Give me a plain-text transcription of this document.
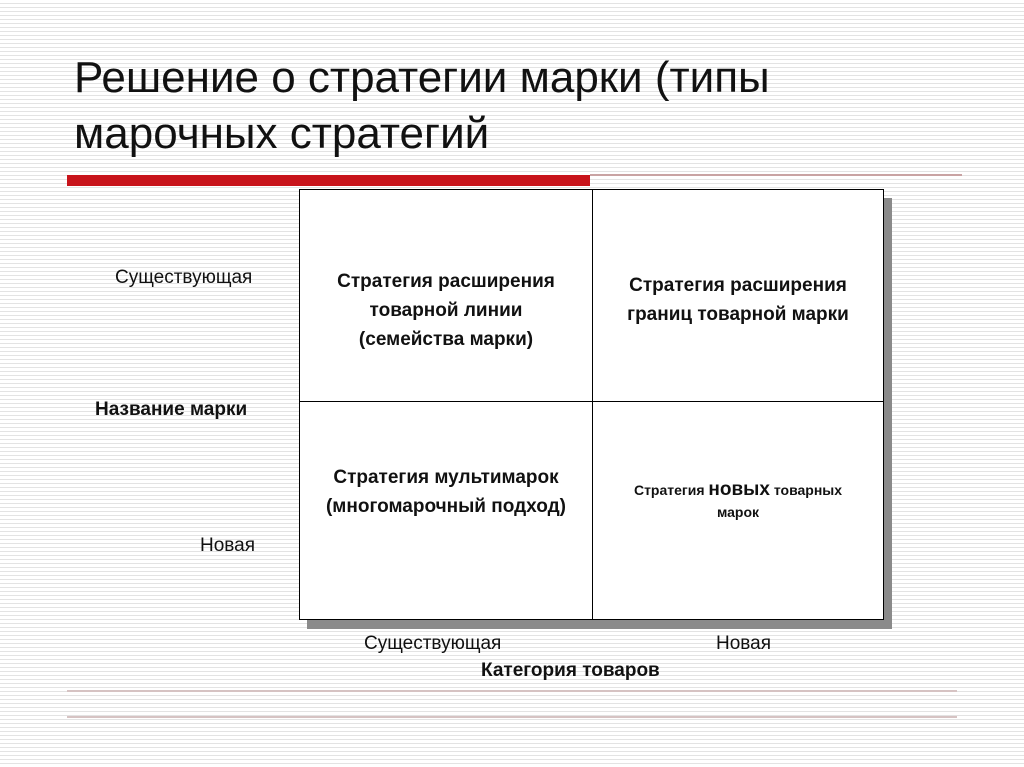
Решение о стратегии марки (типы
марочных стратегий
Стратегия расширения
товарной линии
(семейства марки)
Стратегия расширения
границ товарной марки
Стратегия мультимарок
(многомарочный подход)
Стратегия новых товарных
марок
Существующая
Название марки
Новая
Существующая	Новая
Категория товаров
